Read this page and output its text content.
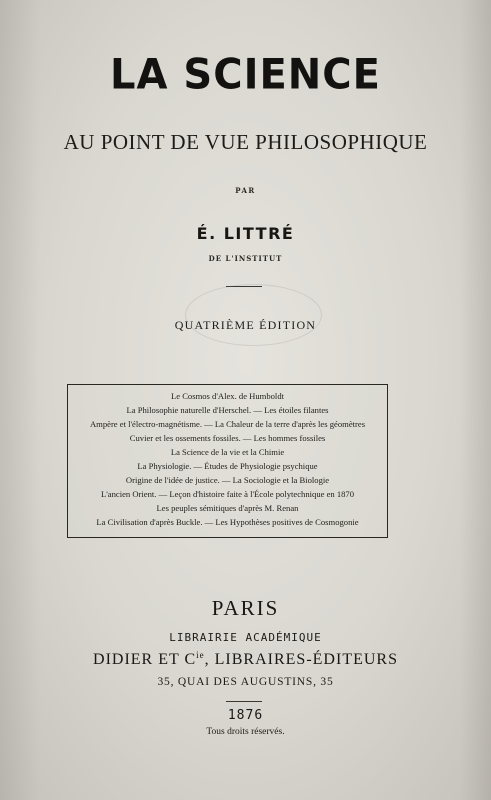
LA SCIENCE
AU POINT DE VUE PHILOSOPHIQUE
PAR
É. LITTRÉ
DE L'INSTITUT
QUATRIÈME ÉDITION
Le Cosmos d'Alex. de Humboldt
La Philosophie naturelle d'Herschel. — Les étoiles filantes
Ampère et l'électro-magnétisme. — La Chaleur de la terre d'après les géomètres
Cuvier et les ossements fossiles. — Les hommes fossiles
La Science de la vie et la Chimie
La Physiologie. — Études de Physiologie psychique
Origine de l'idée de justice. — La Sociologie et la Biologie
L'ancien Orient. — Leçon d'histoire faite à l'École polytechnique en 1870
Les peuples sémitiques d'après M. Renan
La Civilisation d'après Buckle. — Les Hypothèses positives de Cosmogonie
PARIS
LIBRAIRIE ACADÉMIQUE
DIDIER ET $C^{ie}$, LIBRAIRES-ÉDITEURS
35, QUAI DES AUGUSTINS, 35
1876
Tous droits réservés.
